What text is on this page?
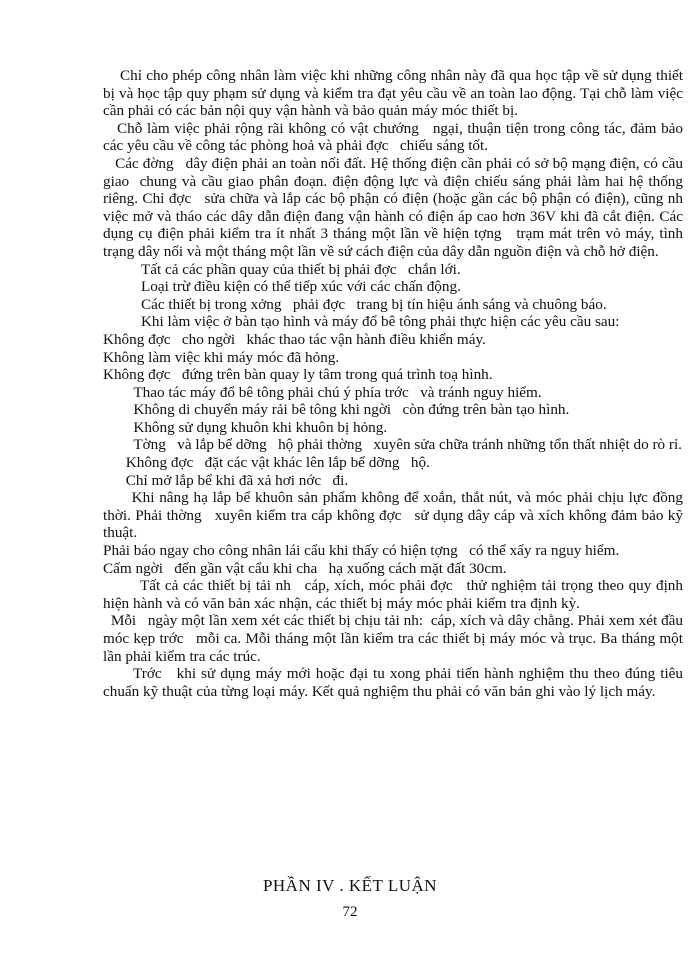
Chỉ cho phép công nhân làm việc khi những công nhân này đã qua học tập về sử dụng thiết bị và học tập quy phạm sử dụng và kiểm tra đạt yêu cầu về an toàn lao động. Tại chỗ làm việc cần phải có các bản nội quy vận hành và bảo quản máy móc thiết bị.

Chỗ làm việc phải rộng rãi không có vật chướng   ngại, thuận tiện trong công tác, đảm bảo các yêu cầu về công tác phòng hoả và phải đợc   chiếu sáng tốt.

Các đờng   dây điện phải an toàn nối đất. Hệ thống điện cần phải có sở bộ mạng điện, có cầu giao  chung và cầu giao phân đoạn. điện động lực và điện chiếu sáng phải làm hai hệ thống riêng. Chỉ đợc   sửa chữa và lắp các bộ phận có điện (hoặc gần các bộ phận có điện), cũng nh   việc mở và tháo các dây dẫn điện đang vận hành có điện áp cao hơn 36V khi đã cắt điện. Các dụng cụ điện phải kiểm tra ít nhất 3 tháng một lần về hiện tợng   trạm mát trên vỏ máy, tình trạng dây nối và một tháng một lần về sứ cách điện của dây dẫn nguồn điện và chỗ hở điện.

Tất cả các phần quay của thiết bị phải đợc   chắn lới.

Loại trừ điều kiện có thể tiếp xúc với các chấn động.

Các thiết bị trong xởng   phải đợc   trang bị tín hiệu ánh sáng và chuông báo.

Khi làm việc ở bàn tạo hình và máy đổ bê tông phải thực hiện các yêu cầu sau:

Không đợc   cho ngời   khác thao tác vận hành điều khiển máy.

Không làm việc khi máy móc đã hỏng.

Không đợc   đứng trên bàn quay ly tâm trong quá trình toạ hình.

Thao tác máy đổ bê tông phải chú ý phía trớc   và tránh nguy hiểm.

Không di chuyển máy rải bê tông khi ngời   còn đứng trên bàn tạo hình.

Không sử dụng khuôn khi khuôn bị hỏng.

Tờng   và lắp bể dỡng   hộ phải thờng   xuyên sửa chữa tránh những tổn thất nhiệt do rò rỉ.

Không đợc   đặt các vật khác lên lắp bể dỡng   hộ.

Chỉ mở lắp bể khi đã xả hơi nớc   đi.

Khi nâng hạ lắp bể khuôn sản phẩm không để xoắn, thắt nút, và móc phải chịu lực đồng thời. Phải thờng   xuyên kiểm tra cáp không đợc   sử dụng dây cáp và xích không đảm bảo kỹ thuật.

Phải báo ngay cho công nhân lái cẩu khi thấy có hiện tợng   có thể xẩy ra nguy hiểm.

Cấm ngời   đến gần vật cẩu khi cha   hạ xuống cách mặt đất 30cm.

Tất cả các thiết bị tải nh   cáp, xích, móc phải đợc   thử nghiệm tải trọng theo quy định hiện hành và có văn bản xác nhận, các thiết bị máy móc phải kiểm tra định kỳ.

Mỗi   ngày một lần xem xét các thiết bị chịu tải nh:  cáp, xích và dây chằng. Phải xem xét đầu móc kẹp trớc   mỗi ca. Mỗi tháng một lần kiểm tra các thiết bị máy móc và trục. Ba tháng một lần phải kiểm tra các trúc.

Trớc   khi sử dụng máy mới hoặc đại tu xong phải tiến hành nghiệm thu theo đúng tiêu chuẩn kỹ thuật của từng loại máy. Kết quả nghiệm thu phải có văn bản ghi vào lý lịch máy.

PHẦN IV . KẾT LUẬN
72
